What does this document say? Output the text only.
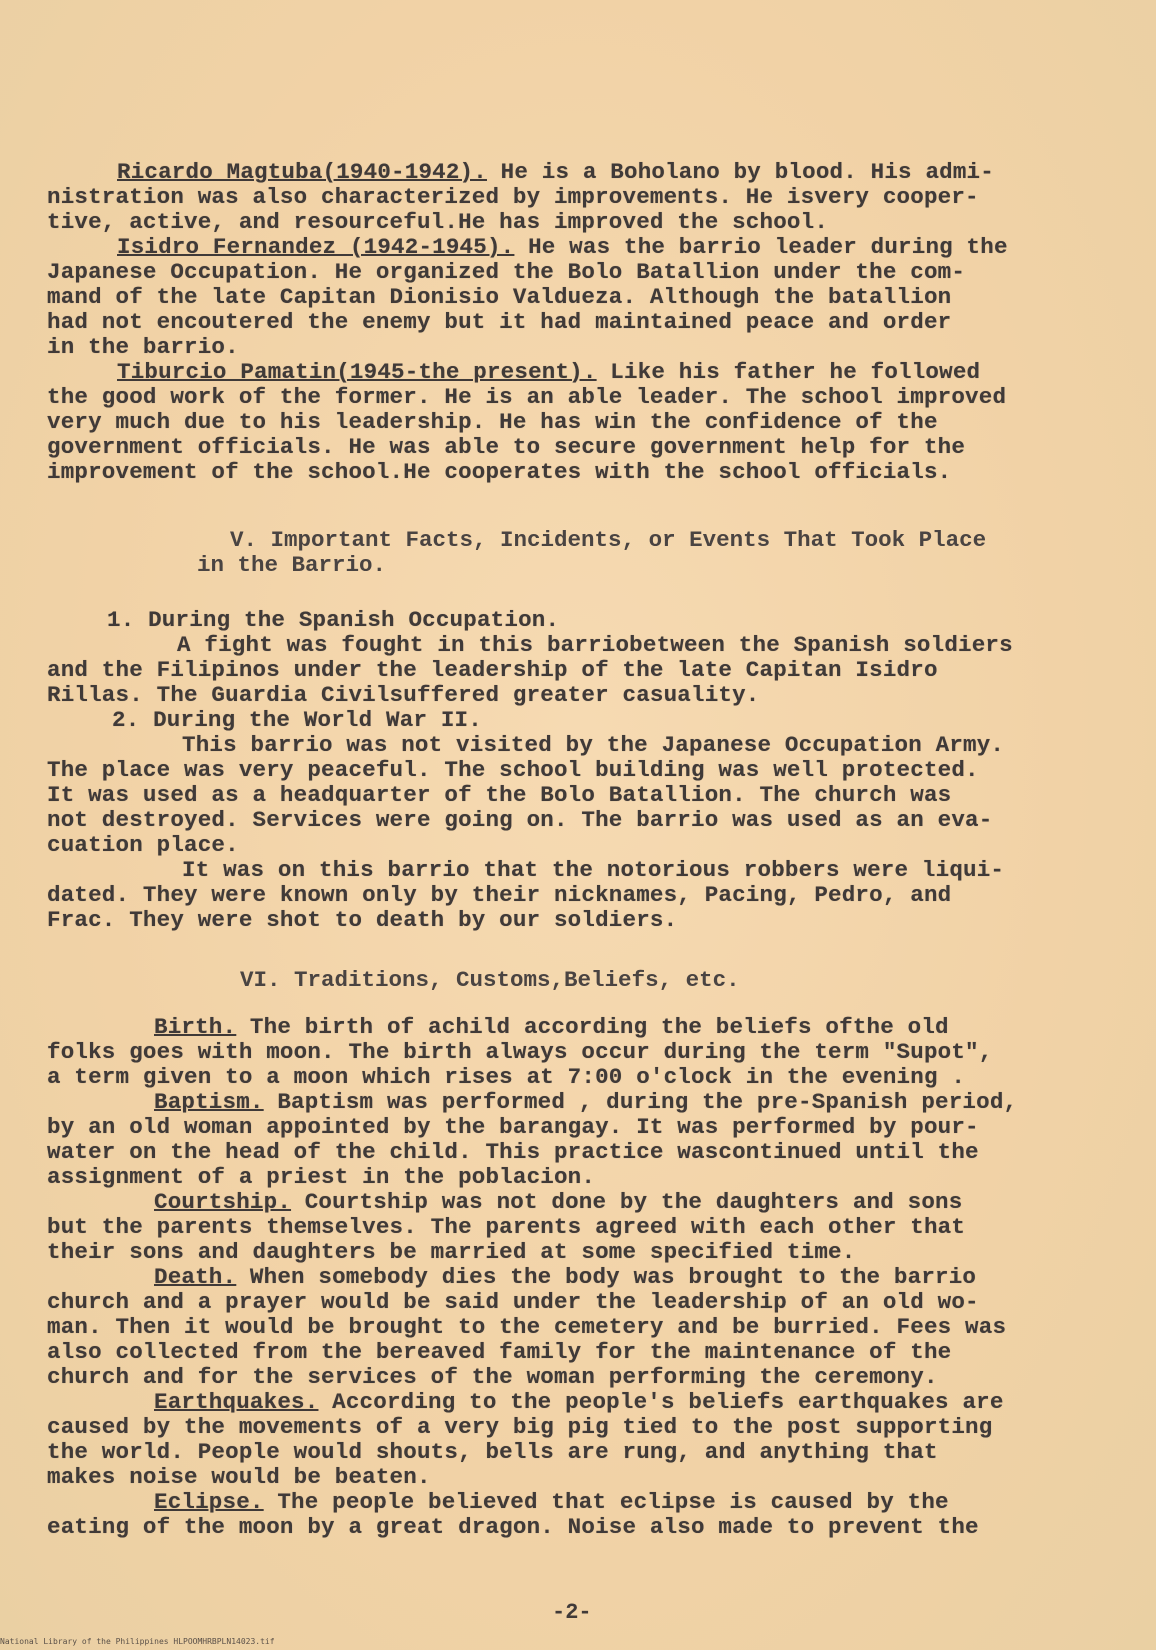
Ricardo Magtuba(1940-1942). He is a Boholano by blood. His admi-

nistration was also characterized by improvements. He isvery cooper-

tive, active, and resourceful.He has improved the school.

Isidro Fernandez (1942-1945). He was the barrio leader during the

Japanese Occupation. He organized the Bolo Batallion under the com-

mand of the late Capitan Dionisio Valdueza. Although the batallion

had not encoutered the enemy but it had maintained peace and order

in the barrio.

Tiburcio Pamatin(1945-the present). Like his father he followed

the good work of the former. He is an able leader. The school improved

very much due to his leadership. He has win the confidence of the

government officials. He was able to secure government help for the

improvement of the school.He cooperates with the school officials.

V. Important Facts, Incidents, or Events That Took Place
in the Barrio.

1. During the Spanish Occupation.

A fight was fought in this barriobetween the Spanish soldiers

and the Filipinos under the leadership of the late Capitan Isidro

Rillas. The Guardia Civilsuffered greater casuality.

2. During the World War II.

This barrio was not visited by the Japanese Occupation Army.

The place was very peaceful. The school building was well protected.

It was used as a headquarter of the Bolo Batallion. The church was

not destroyed. Services were going on. The barrio was used as an eva-

cuation place.

It was on this barrio that the notorious robbers were liqui-

dated. They were known only by their nicknames, Pacing, Pedro, and

Frac. They were shot to death by our soldiers.

VI. Traditions, Customs,Beliefs, etc.

Birth. The birth of achild according the beliefs ofthe old

folks goes with moon. The birth always occur during the term "Supot",

a term given to a moon which rises at 7:00 o'clock in the evening .

Baptism. Baptism was performed , during the pre-Spanish period,

by an old woman appointed by the barangay. It was performed by pour-

water on the head of the child. This practice wascontinued until the

assignment of a priest in the poblacion.

Courtship. Courtship was not done by the daughters and sons

but the parents themselves. The parents agreed with each other that

their sons and daughters be married at some specified time.

Death. When somebody dies the body was brought to the barrio

church and a prayer would be said under the leadership of an old wo-

man. Then it would be brought to the cemetery and be burried. Fees was

also collected from the bereaved family for the maintenance of the

church and for the services of the woman performing the ceremony.

Earthquakes. According to the people's beliefs earthquakes are

caused by the movements of a very big pig tied to the post supporting

the world. People would shouts, bells are rung, and anything that

makes noise would be beaten.

Eclipse. The people believed that eclipse is caused by the

eating of the moon by a great dragon. Noise also made to prevent the

-2-
National Library of the Philippines HLPOOMHRBPLN14023.tif
